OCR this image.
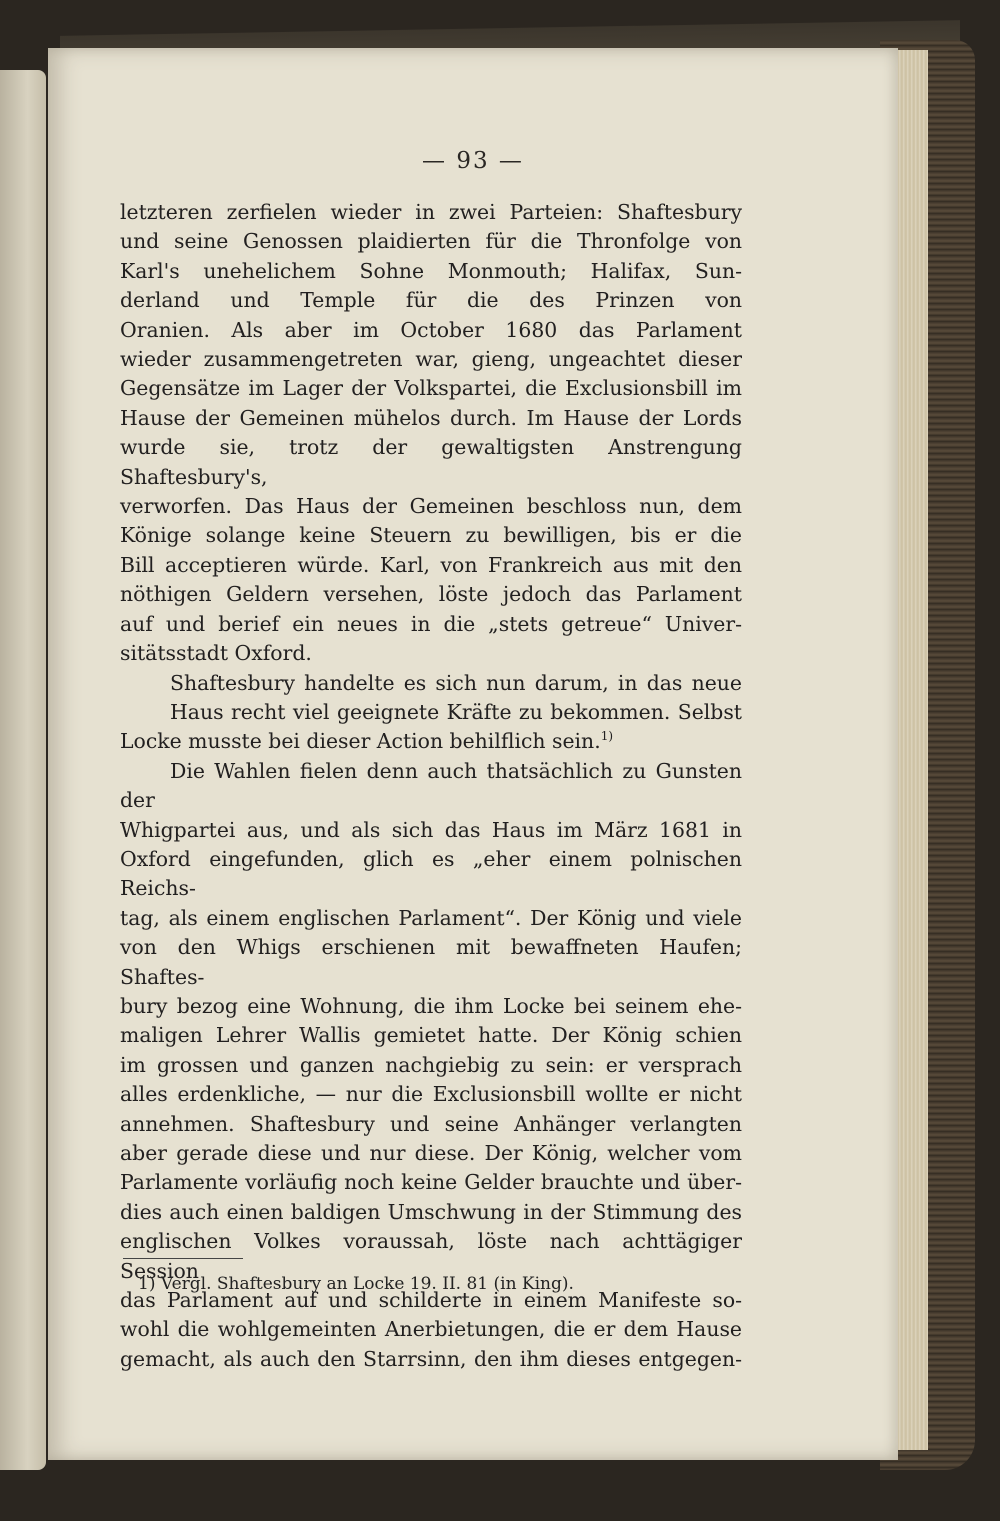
— 93 —

letzteren zerfielen wieder in zwei Parteien: Shaftesbury
und seine Genossen plaidierten für die Thronfolge von
Karl's unehelichem Sohne Monmouth; Halifax, Sun-
derland und Temple für die des Prinzen von
Oranien. Als aber im October 1680 das Parlament
wieder zusammengetreten war, gieng, ungeachtet dieser
Gegensätze im Lager der Volkspartei, die Exclusionsbill im
Hause der Gemeinen mühelos durch. Im Hause der Lords
wurde sie, trotz der gewaltigsten Anstrengung Shaftesbury's,
verworfen. Das Haus der Gemeinen beschloss nun, dem
Könige solange keine Steuern zu bewilligen, bis er die
Bill acceptieren würde. Karl, von Frankreich aus mit den
nöthigen Geldern versehen, löste jedoch das Parlament
auf und berief ein neues in die „stets getreue“ Univer-
sitätsstadt Oxford.

Shaftesbury handelte es sich nun darum, in das neue
Haus recht viel geeignete Kräfte zu bekommen. Selbst
Locke musste bei dieser Action behilflich sein.$^{1)}$

Die Wahlen fielen denn auch thatsächlich zu Gunsten der
Whigpartei aus, und als sich das Haus im März 1681 in
Oxford eingefunden, glich es „eher einem polnischen Reichs-
tag, als einem englischen Parlament“. Der König und viele
von den Whigs erschienen mit bewaffneten Haufen; Shaftes-
bury bezog eine Wohnung, die ihm Locke bei seinem ehe-
maligen Lehrer Wallis gemietet hatte. Der König schien
im grossen und ganzen nachgiebig zu sein: er versprach
alles erdenkliche, — nur die Exclusionsbill wollte er nicht
annehmen. Shaftesbury und seine Anhänger verlangten
aber gerade diese und nur diese. Der König, welcher vom
Parlamente vorläufig noch keine Gelder brauchte und über-
dies auch einen baldigen Umschwung in der Stimmung des
englischen Volkes voraussah, löste nach achttägiger Session
das Parlament auf und schilderte in einem Manifeste so-
wohl die wohlgemeinten Anerbietungen, die er dem Hause
gemacht, als auch den Starrsinn, den ihm dieses entgegen-

1) Vergl. Shaftesbury an Locke 19. II. 81 (in King).
